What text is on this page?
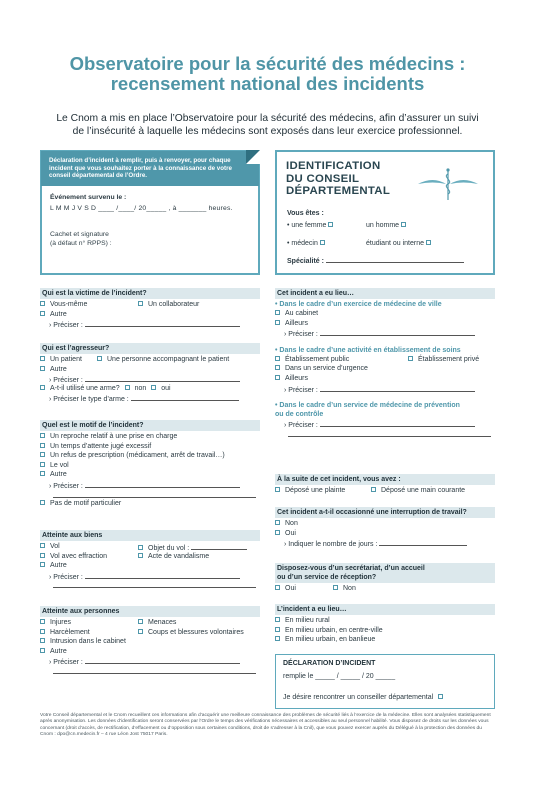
Observatoire pour la sécurité des médecins :
recensement national des incidents
Le Cnom a mis en place l’Observatoire pour la sécurité des médecins, afin d’assurer un suivi
de l’insécurité à laquelle les médecins sont exposés dans leur exercice professionnel.
Déclaration d’incident à remplir, puis à renvoyer, pour chaque incident que vous souhaitez porter à la connaissance de votre conseil départemental de l’Ordre.
Événement survenu le :
L M M J V S D ____ /____/ 20_____ , à _______ heures.
Cachet et signature
(à défaut n° RPPS) :
IDENTIFICATION
DU CONSEIL
DÉPARTEMENTAL
Vous êtes :
• une femme	un homme
• médecin	étudiant ou interne
Spécialité :
Qui est la victime de l’incident?
Vous-même	Un collaborateur
Autre
› Préciser :
Qui est l’agresseur?
Un patient	Une personne accompagnant le patient
Autre
› Préciser :
A-t-il utilisé une arme? non oui
› Préciser le type d’arme :
Quel est le motif de l’incident?
Un reproche relatif à une prise en charge
Un temps d’attente jugé excessif
Un refus de prescription (médicament, arrêt de travail…)
Le vol
Autre
› Préciser :
Pas de motif particulier
Atteinte aux biens
Vol	Objet du vol :
Vol avec effraction	Acte de vandalisme
Autre
› Préciser :
Atteinte aux personnes
Injures	Menaces
Harcèlement	Coups et blessures volontaires
Intrusion dans le cabinet
Autre
› Préciser :
Cet incident a eu lieu…
• Dans le cadre d’un exercice de médecine de ville
Au cabinet
Ailleurs
› Préciser :
• Dans le cadre d’une activité en établissement de soins
Établissement public	Établissement privé
Dans un service d’urgence
Ailleurs
› Préciser :
• Dans le cadre d’un service de médecine de prévention
ou de contrôle
› Préciser :
À la suite de cet incident, vous avez :
Déposé une plainte	Déposé une main courante
Cet incident a-t-il occasionné une interruption de travail?
Non
Oui
› Indiquer le nombre de jours :
Disposez-vous d’un secrétariat, d’un accueil
ou d’un service de réception?
Oui	Non
L’incident a eu lieu…
En milieu rural
En milieu urbain, en centre-ville
En milieu urbain, en banlieue
DÉCLARATION D’INCIDENT
remplie le _____ / _____ / 20 _____
Je désire rencontrer un conseiller départemental
Votre Conseil départemental et le Cnom recueillent ces informations afin d’acquérir une meilleure connaissance des problèmes de sécurité liés à l’exercice de la médecine. Elles sont analysées statistiquement après anonymisation. Les données d’identification seront conservées par l’Ordre le temps des vérifications nécessaires et accessibles au seul personnel habilité. Vous disposez de droits sur les données vous concernant (droit d’accès, de rectification, d’effacement ou d’opposition sous certaines conditions, droit de s’adresser à la Cnil), que vous pouvez exercer auprès du Délégué à la protection des données du Cnom : dpo@cn.medecin.fr – 4 rue Léon Jost 75017 Paris.
